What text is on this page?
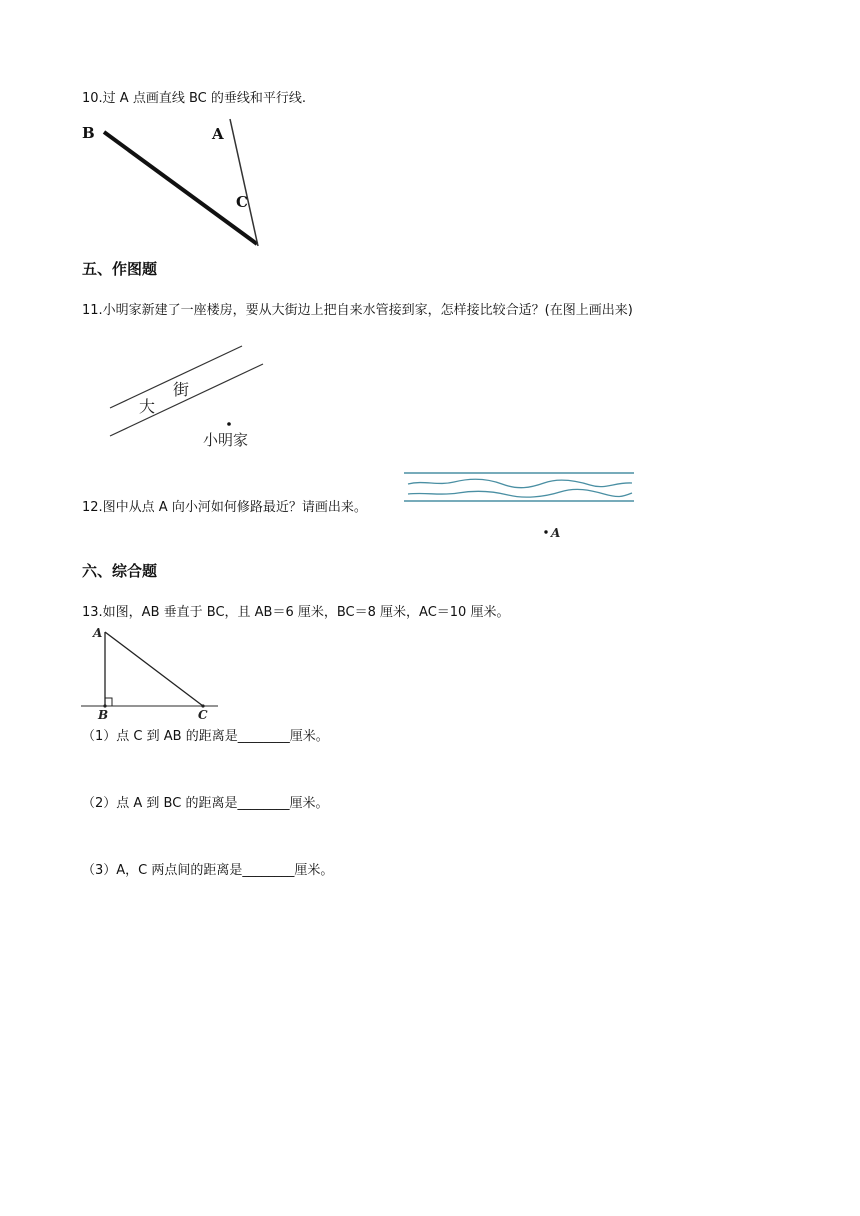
10.过 A 点画直线 BC 的垂线和平行线.
B	A
C
五、作图题
11.小明家新建了一座楼房，要从大街边上把自来水管接到家，怎样接比较合适？(在图上画出来)
大
街
小明家
12.图中从点 A 向小河如何修路最近？请画出来。
A
六、综合题
13.如图，AB 垂直于 BC，且 AB＝6 厘米，BC＝8 厘米，AC＝10 厘米。
A
B	C
（1）点 C 到 AB 的距离是________厘米。
（2）点 A 到 BC 的距离是________厘米。
（3）A，C 两点间的距离是________厘米。
